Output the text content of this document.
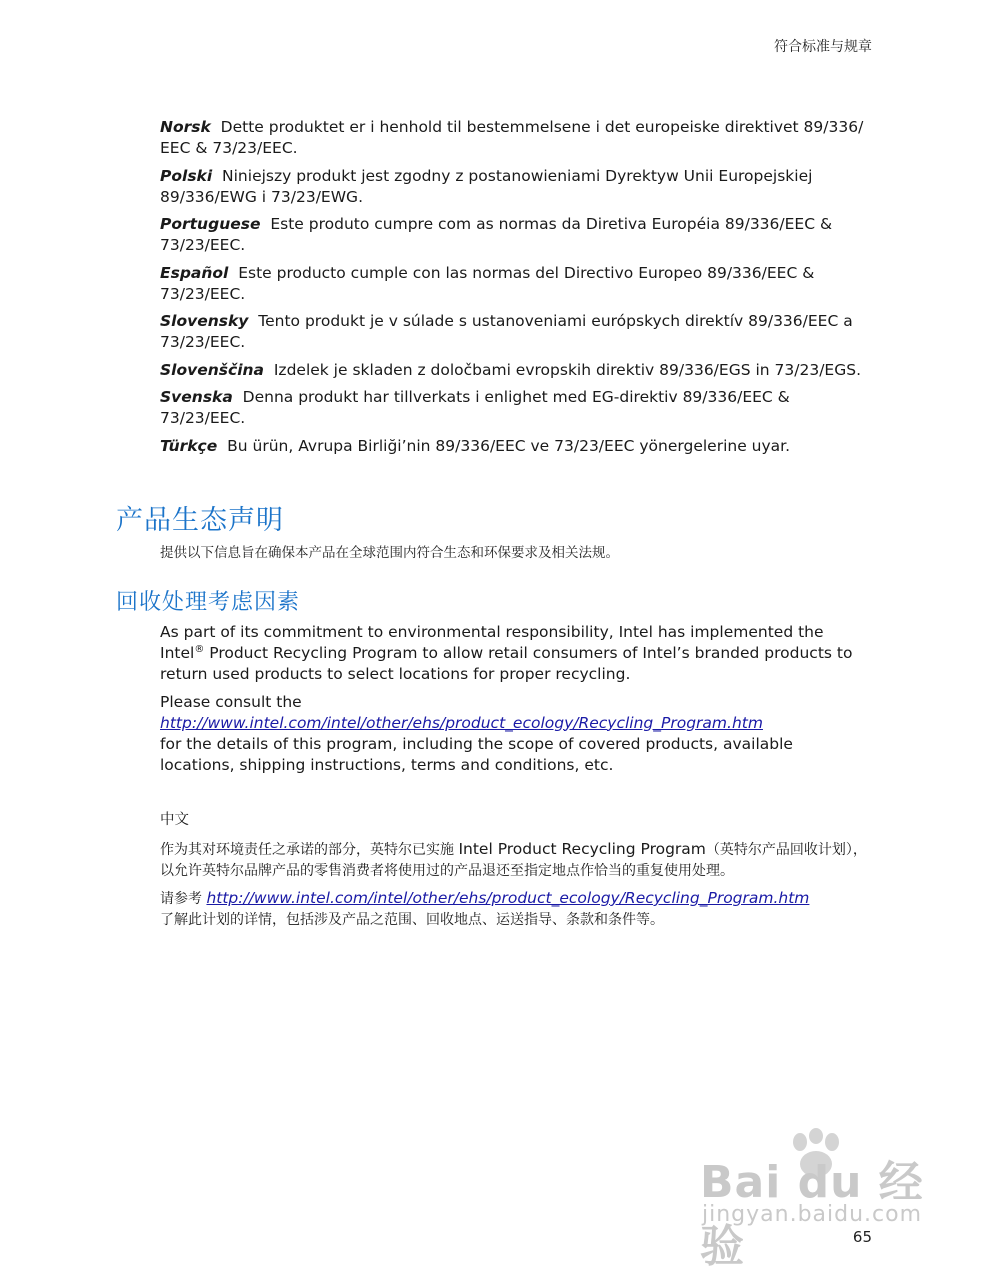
符合标准与规章

Norsk Dette produktet er i henhold til bestemmelsene i det europeiske direktivet 89/336/ EEC & 73/23/EEC.

Polski Niniejszy produkt jest zgodny z postanowieniami Dyrektyw Unii Europejskiej 89/336/EWG i 73/23/EWG.

Portuguese Este produto cumpre com as normas da Diretiva Européia 89/336/EEC & 73/23/EEC.

Español Este producto cumple con las normas del Directivo Europeo 89/336/EEC & 73/23/EEC.

Slovensky Tento produkt je v súlade s ustanoveniami európskych direktív 89/336/EEC a 73/23/EEC.

Slovenščina Izdelek je skladen z določbami evropskih direktiv 89/336/EGS in 73/23/EGS.

Svenska Denna produkt har tillverkats i enlighet med EG-direktiv 89/336/EEC & 73/23/EEC.

Türkçe Bu ürün, Avrupa Birliği’nin 89/336/EEC ve 73/23/EEC yönergelerine uyar.

产品生态声明
提供以下信息旨在确保本产品在全球范围内符合生态和环保要求及相关法规。
回收处理考虑因素

As part of its commitment to environmental responsibility, Intel has implemented the Intel® Product Recycling Program to allow retail consumers of Intel’s branded products to return used products to select locations for proper recycling.

Please consult the
http://www.intel.com/intel/other/ehs/product_ecology/Recycling_Program.htm
for the details of this program, including the scope of covered products, available locations, shipping instructions, terms and conditions, etc.

中文

作为其对环境责任之承诺的部分，英特尔已实施 Intel Product Recycling Program（英特尔产品回收计划），以允许英特尔品牌产品的零售消费者将使用过的产品退还至指定地点作恰当的重复使用处理。

请参考 http://www.intel.com/intel/other/ehs/product_ecology/Recycling_Program.htm
了解此计划的详情，包括涉及产品之范围、回收地点、运送指导、条款和条件等。

Bai du 经验
jingyan.baidu.com
65
